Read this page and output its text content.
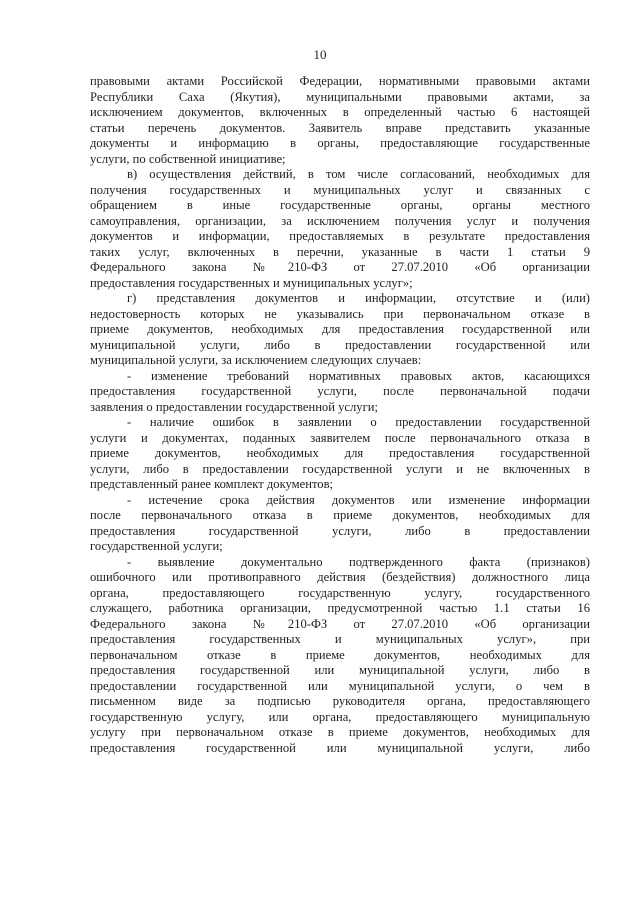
10
правовыми актами Российской Федерации, нормативными правовыми актами
Республики Саха (Якутия), муниципальными правовыми актами, за
исключением документов, включенных в определенный частью 6 настоящей
статьи перечень документов. Заявитель вправе представить указанные
документы и информацию в органы, предоставляющие государственные
услуги, по собственной инициативе;
в) осуществления действий, в том числе согласований, необходимых для
получения государственных и муниципальных услуг и связанных с
обращением в иные государственные органы, органы местного
самоуправления, организации, за исключением получения услуг и получения
документов и информации, предоставляемых в результате предоставления
таких услуг, включенных в перечни, указанные в части 1 статьи 9
Федерального закона №210-ФЗ от 27.07.2010 «Об организации
предоставления государственных и муниципальных услуг»;
г) представления документов и информации, отсутствие и (или)
недостоверность которых не указывались при первоначальном отказе в
приеме документов, необходимых для предоставления государственной или
муниципальной услуги, либо в предоставлении государственной или
муниципальной услуги, за исключением следующих случаев:
- изменение требований нормативных правовых актов, касающихся
предоставления государственной услуги, после первоначальной подачи
заявления о предоставлении государственной услуги;
- наличие ошибок в заявлении о предоставлении государственной
услуги и документах, поданных заявителем после первоначального отказа в
приеме документов, необходимых для предоставления государственной
услуги, либо в предоставлении государственной услуги и не включенных в
представленный ранее комплект документов;
- истечение срока действия документов или изменение информации
после первоначального отказа в приеме документов, необходимых для
предоставления государственной услуги, либо в предоставлении
государственной услуги;
- выявление документально подтвержденного факта (признаков)
ошибочного или противоправного действия (бездействия) должностного лица
органа, предоставляющего государственную услугу, государственного
служащего, работника организации, предусмотренной частью 1.1 статьи 16
Федерального закона №210-ФЗ от 27.07.2010 «Об организации
предоставления государственных и муниципальных услуг», при
первоначальном отказе в приеме документов, необходимых для
предоставления государственной или муниципальной услуги, либо в
предоставлении государственной или муниципальной услуги, о чем в
письменном виде за подписью руководителя органа, предоставляющего
государственную услугу, или органа, предоставляющего муниципальную
услугу при первоначальном отказе в приеме документов, необходимых для
предоставления государственной или муниципальной услуги, либо
